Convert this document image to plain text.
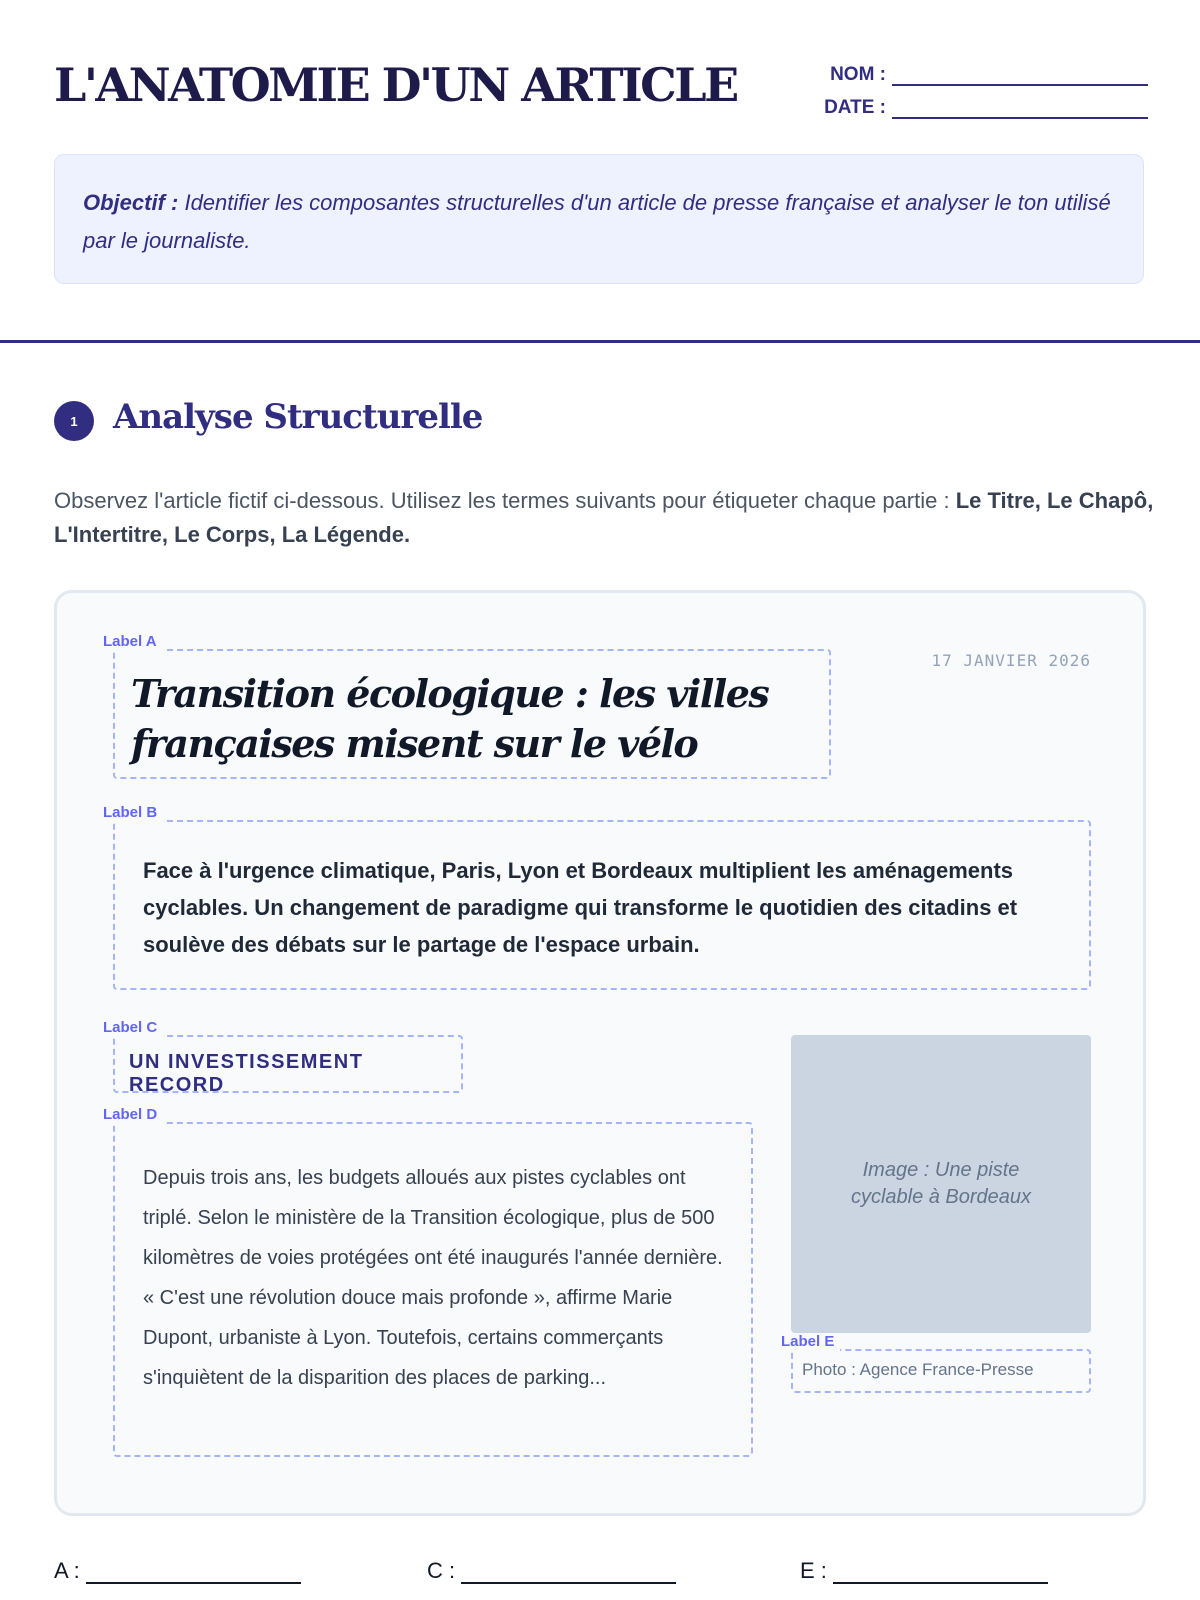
L'ANATOMIE D'UN ARTICLE	NOM :
DATE :
Objectif : Identifier les composantes structurelles d'un article de presse française et analyser le ton utilisé par le journaliste.
1	Analyse Structurelle
Observez l'article fictif ci-dessous. Utilisez les termes suivants pour étiqueter chaque partie : Le Titre, Le Chapô, L'Intertitre, Le Corps, La Légende.
17 JANVIER 2026
Label A
Transition écologique : les villes françaises misent sur le vélo
Label B
Face à l'urgence climatique, Paris, Lyon et Bordeaux multiplient les aménagements cyclables. Un changement de paradigme qui transforme le quotidien des citadins et soulève des débats sur le partage de l'espace urbain.
Label C
UN INVESTISSEMENT RECORD
Label D
Depuis trois ans, les budgets alloués aux pistes cyclables ont triplé. Selon le ministère de la Transition écologique, plus de 500 kilomètres de voies protégées ont été inaugurés l'année dernière. « C'est une révolution douce mais profonde », affirme Marie Dupont, urbaniste à Lyon. Toutefois, certains commerçants s'inquiètent de la disparition des places de parking...
Image : Une piste cyclable à Bordeaux
Label E
Photo : Agence France-Presse
A :	C :	E :
